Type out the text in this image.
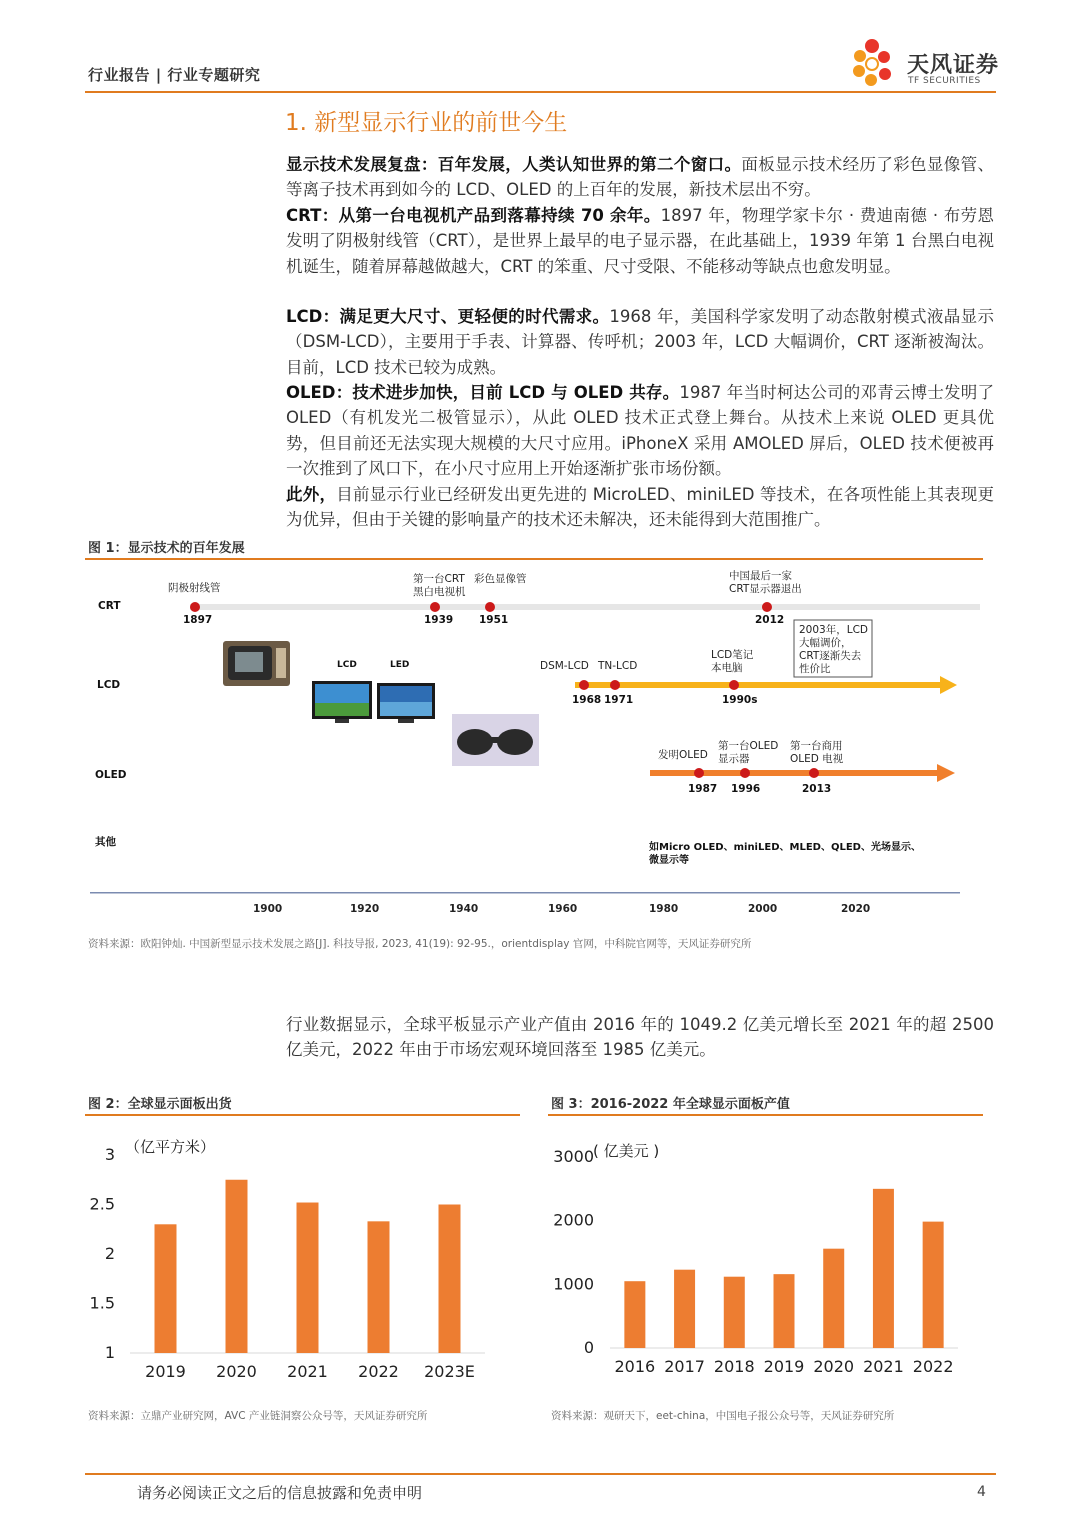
行业报告 | 行业专题研究	天风证券
TF SECURITIES
1. 新型显示行业的前世今生
显示技术发展复盘：百年发展，人类认知世界的第二个窗口。面板显示技术经历了彩色显像管、等离子技术再到如今的 LCD、OLED 的上百年的发展，新技术层出不穷。
CRT：从第一台电视机产品到落幕持续 70 余年。1897 年，物理学家卡尔 · 费迪南德 · 布劳恩发明了阴极射线管（CRT），是世界上最早的电子显示器，在此基础上，1939 年第 1 台黑白电视机诞生，随着屏幕越做越大，CRT 的笨重、尺寸受限、不能移动等缺点也愈发明显。
LCD：满足更大尺寸、更轻便的时代需求。1968 年，美国科学家发明了动态散射模式液晶显示（DSM-LCD），主要用于手表、计算器、传呼机；2003 年，LCD 大幅调价，CRT 逐渐被淘汰。目前，LCD 技术已较为成熟。
OLED：技术进步加快，目前 LCD 与 OLED 共存。1987 年当时柯达公司的邓青云博士发明了 OLED（有机发光二极管显示），从此 OLED 技术正式登上舞台。从技术上来说 OLED 更具优势，但目前还无法实现大规模的大尺寸应用。iPhoneX 采用 AMOLED 屏后，OLED 技术便被再一次推到了风口下，在小尺寸应用上开始逐渐扩张市场份额。
此外，目前显示行业已经研发出更先进的 MicroLED、miniLED 等技术，在各项性能上其表现更为优异，但由于关键的影响量产的技术还未解决，还未能得到大范围推广。
图 1：显示技术的百年发展
CRT
LCD
OLED
其他
阴极射线管
1897
第一台CRT
黑白电视机
1939
彩色显像管
1951
中国最后一家
CRT显示器退出
2012
LCD	LED	DSM-LCD
1968
TN-LCD
1971
LCD笔记
本电脑
1990s
2003年，LCD
大幅调价，
CRT逐渐失去
性价比
发明OLED
1987
第一台OLED
显示器
1996
第一台商用
OLED 电视
2013
如Micro OLED、miniLED、MLED、QLED、光场显示、
微显示等
1900	1920	1940	1960	1980	2000	2020
资料来源：欧阳钟灿. 中国新型显示技术发展之路[J]. 科技导报, 2023, 41(19): 92-95.，orientdisplay 官网，中科院官网等，天风证券研究所
行业数据显示，全球平板显示产业产值由 2016 年的 1049.2 亿美元增长至 2021 年的超 2500 亿美元，2022 年由于市场宏观环境回落至 1985 亿美元。
图 2：全球显示面板出货
（亿平方米）
1
1.5
2
2.5
3
2019 2020 2021 2022 2023E
资料来源：立鼎产业研究网，AVC 产业链洞察公众号等，天风证券研究所
图 3：2016-2022 年全球显示面板产值
( 亿美元 )
0
1000
2000
3000
2016 2017 2018 2019 2020 2021 2022
资料来源：观研天下，eet-china，中国电子报公众号等，天风证券研究所
请务必阅读正文之后的信息披露和免责申明	4
